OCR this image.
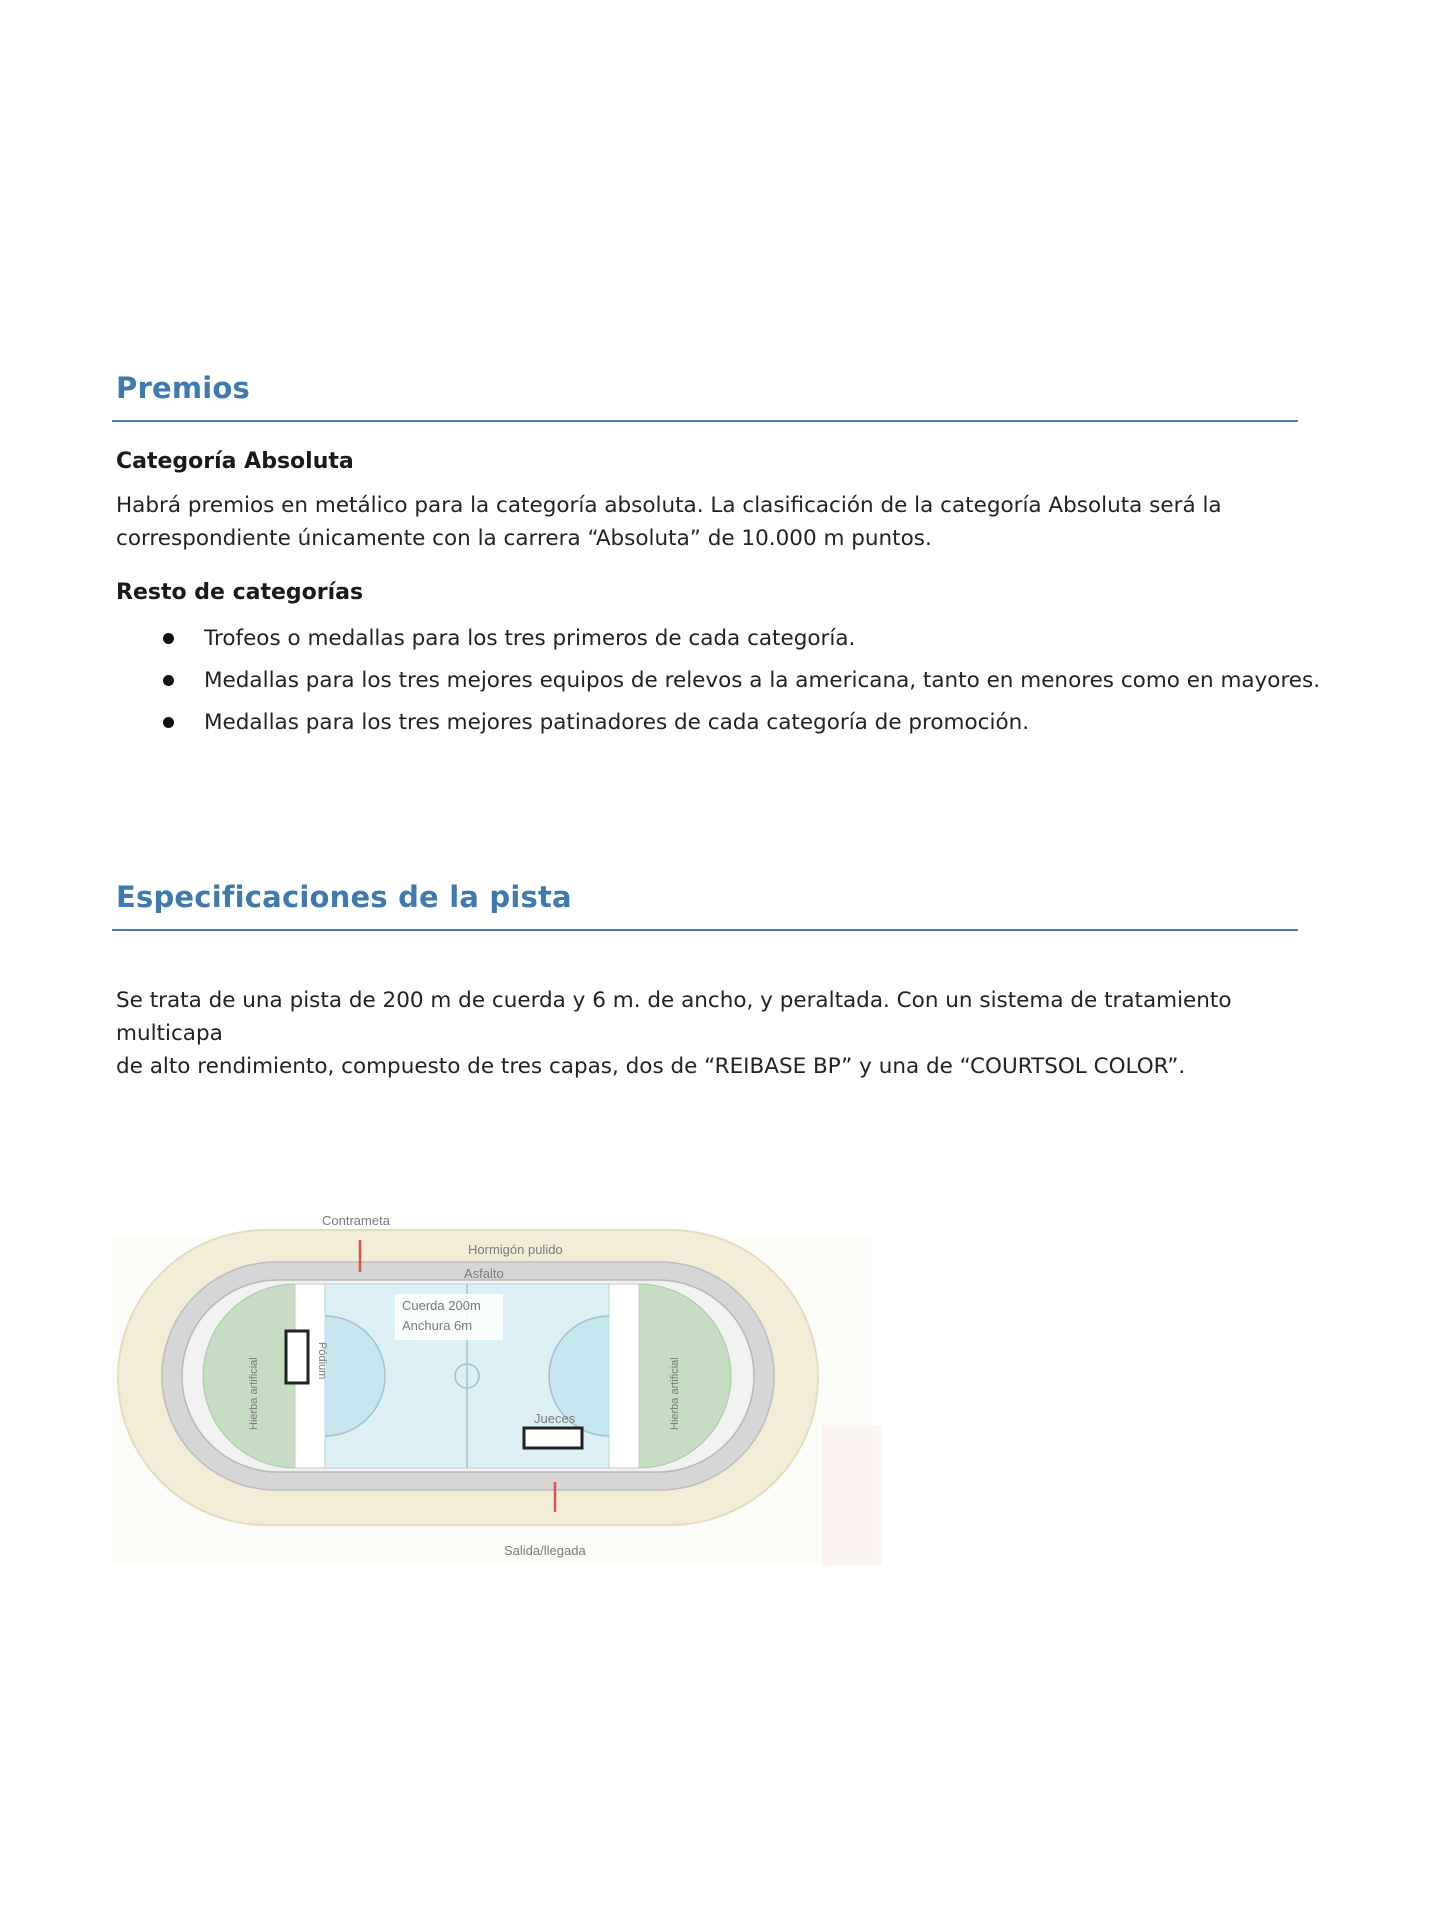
Premios
Categoría Absoluta

Habrá premios en metálico para la categoría absoluta. La clasificación de la categoría Absoluta será la
correspondiente únicamente con la carrera “Absoluta” de 10.000 m puntos.

Resto de categorías
Trofeos o medallas para los tres primeros de cada categoría.
Medallas para los tres mejores equipos de relevos a la americana, tanto en menores como en mayores.
Medallas para los tres mejores patinadores de cada categoría de promoción.
Especificaciones de la pista

Se trata de una pista de 200 m de cuerda y 6 m. de ancho, y peraltada. Con un sistema de tratamiento multicapa
de alto rendimiento, compuesto de tres capas, dos de “REIBASE BP” y una de “COURTSOL COLOR”.

Contrameta
Hormigón pulido
Asfalto
Cuerda 200m
Anchura 6m
Jueces
Salida/llegada
Pódium
Hierba artificial	Hierba artificial
